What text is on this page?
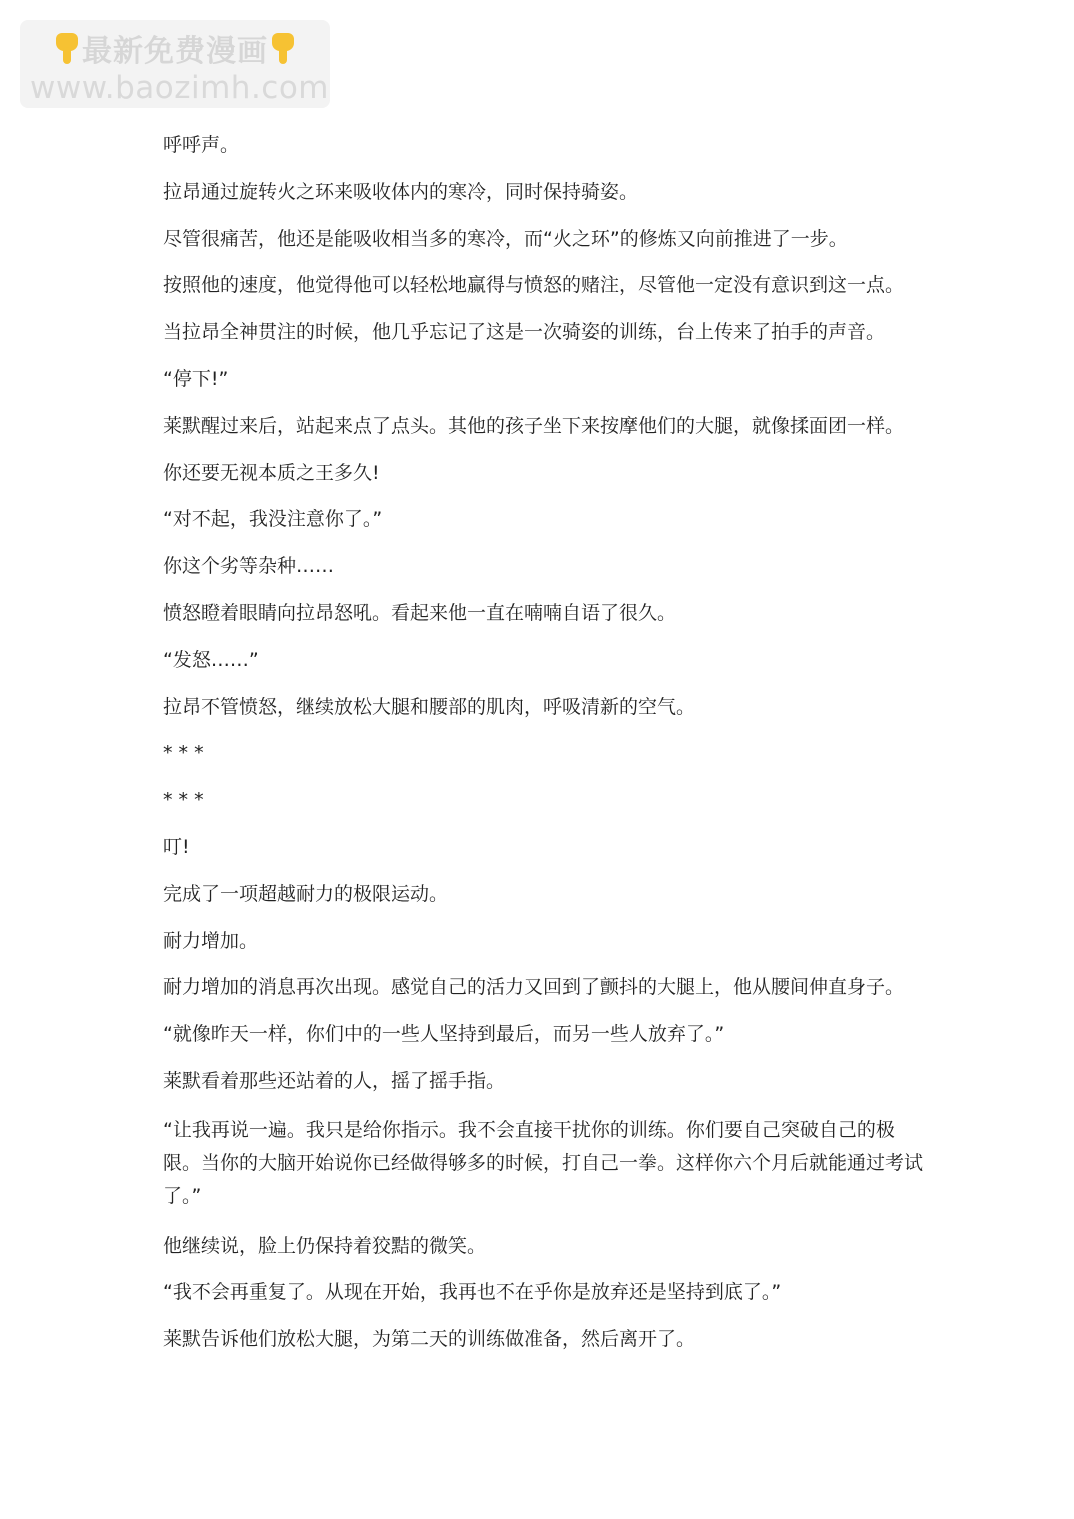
最新免费漫画
www.baozimh.com

呼呼声。

拉昂通过旋转火之环来吸收体内的寒冷，同时保持骑姿。

尽管很痛苦，他还是能吸收相当多的寒冷，而“火之环”的修炼又向前推进了一步。

按照他的速度，他觉得他可以轻松地赢得与愤怒的赌注，尽管他一定没有意识到这一点。

当拉昂全神贯注的时候，他几乎忘记了这是一次骑姿的训练，台上传来了拍手的声音。

“停下!”

莱默醒过来后，站起来点了点头。其他的孩子坐下来按摩他们的大腿，就像揉面团一样。

你还要无视本质之王多久!

“对不起，我没注意你了。”

你这个劣等杂种……

愤怒瞪着眼睛向拉昂怒吼。看起来他一直在喃喃自语了很久。

“发怒……”

拉昂不管愤怒，继续放松大腿和腰部的肌肉，呼吸清新的空气。

* * *

* * *

叮!

完成了一项超越耐力的极限运动。

耐力增加。

耐力增加的消息再次出现。感觉自己的活力又回到了颤抖的大腿上，他从腰间伸直身子。

“就像昨天一样，你们中的一些人坚持到最后，而另一些人放弃了。”

莱默看着那些还站着的人，摇了摇手指。

“让我再说一遍。我只是给你指示。我不会直接干扰你的训练。你们要自己突破自己的极限。当你的大脑开始说你已经做得够多的时候，打自己一拳。这样你六个月后就能通过考试了。”

他继续说，脸上仍保持着狡黠的微笑。

“我不会再重复了。从现在开始，我再也不在乎你是放弃还是坚持到底了。”

莱默告诉他们放松大腿，为第二天的训练做准备，然后离开了。
